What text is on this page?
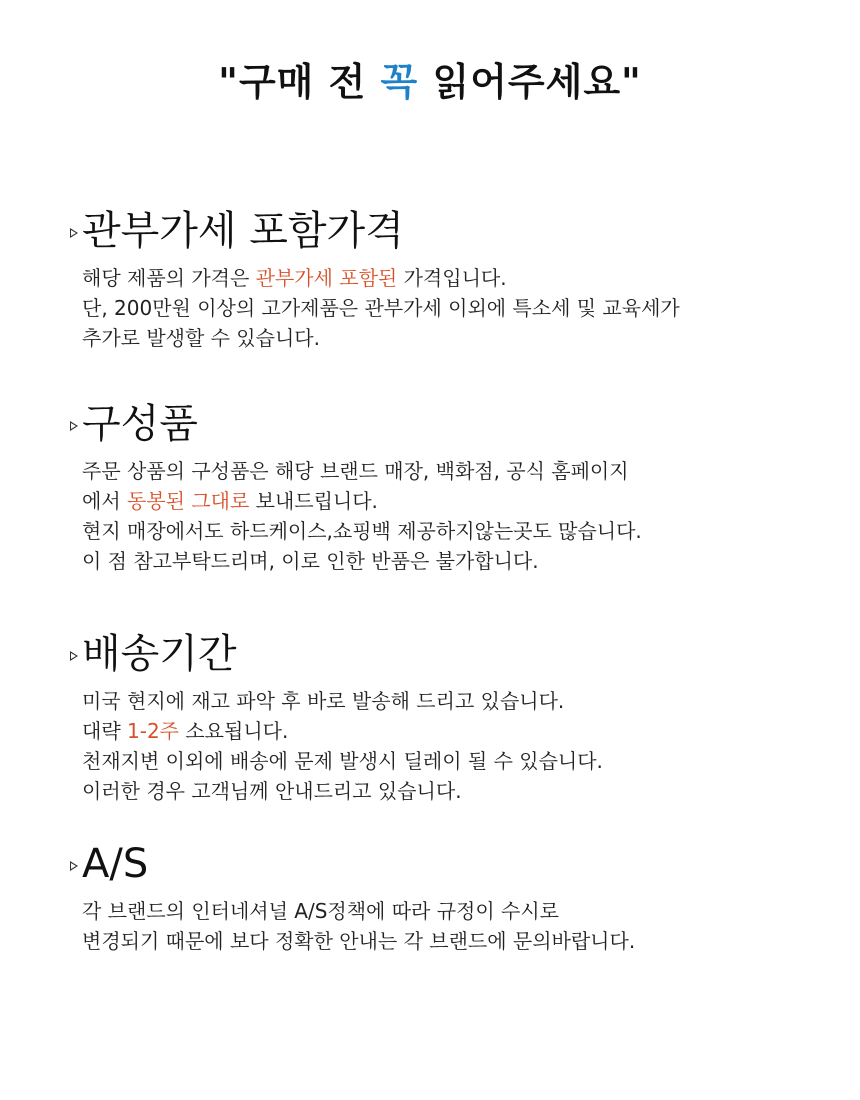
"구매 전 꼭 읽어주세요"
관부가세 포함가격
해당 제품의 가격은 관부가세 포함된 가격입니다.
단, 200만원 이상의 고가제품은 관부가세 이외에 특소세 및 교육세가
추가로 발생할 수 있습니다.
구성품
주문 상품의 구성품은 해당 브랜드 매장, 백화점, 공식 홈페이지
에서 동봉된 그대로 보내드립니다.
현지 매장에서도 하드케이스,쇼핑백 제공하지않는곳도 많습니다.
이 점 참고부탁드리며, 이로 인한 반품은 불가합니다.
배송기간
미국 현지에 재고 파악 후 바로 발송해 드리고 있습니다.
대략 1-2주 소요됩니다.
천재지변 이외에 배송에 문제 발생시 딜레이 될 수 있습니다.
이러한 경우 고객님께 안내드리고 있습니다.
A/S
각 브랜드의 인터네셔널 A/S정책에 따라 규정이 수시로
변경되기 때문에 보다 정확한 안내는 각 브랜드에 문의바랍니다.
